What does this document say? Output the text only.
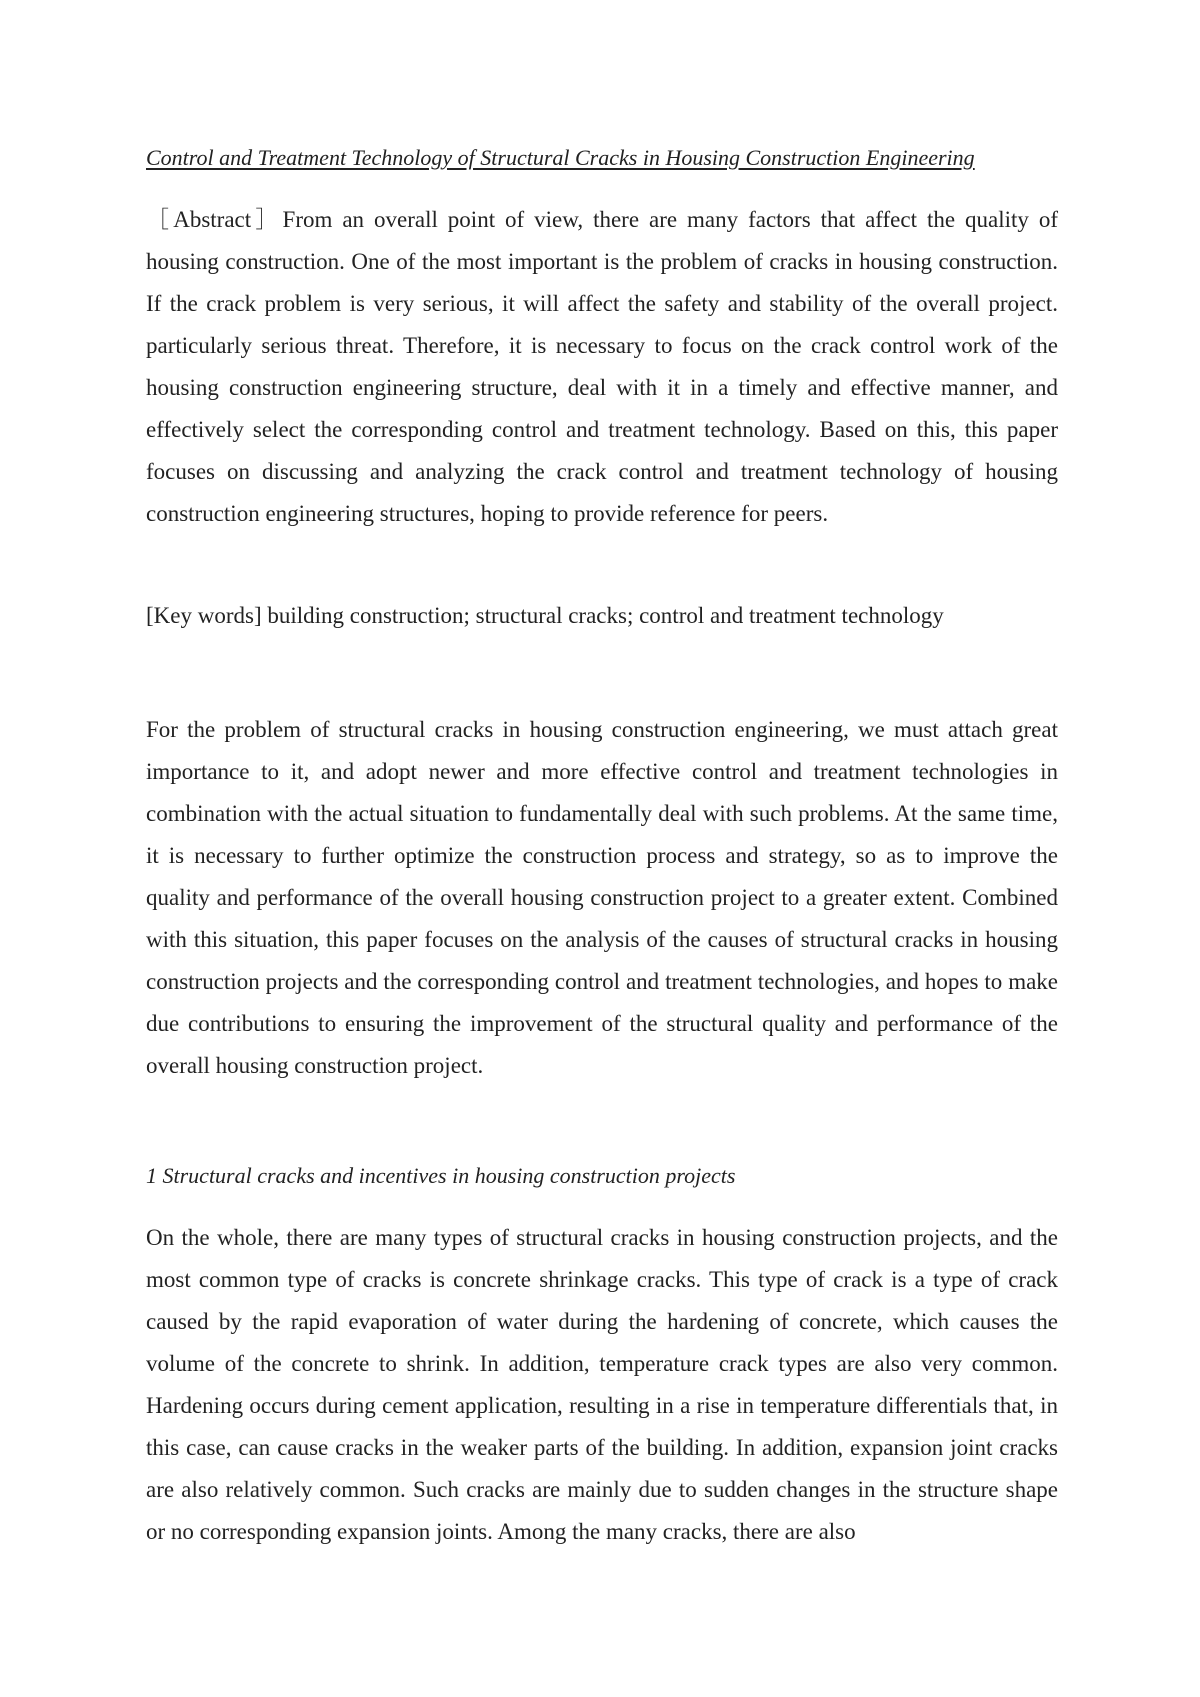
Control and Treatment Technology of Structural Cracks in Housing Construction Engineering

［Abstract］From an overall point of view, there are many factors that affect the quality of housing construction. One of the most important is the problem of cracks in housing construction. If the crack problem is very serious, it will affect the safety and stability of the overall project. particularly serious threat. Therefore, it is necessary to focus on the crack control work of the housing construction engineering structure, deal with it in a timely and effective manner, and effectively select the corresponding control and treatment technology. Based on this, this paper focuses on discussing and analyzing the crack control and treatment technology of housing construction engineering structures, hoping to provide reference for peers.

[Key words] building construction; structural cracks; control and treatment technology

For the problem of structural cracks in housing construction engineering, we must attach great importance to it, and adopt newer and more effective control and treatment technologies in combination with the actual situation to fundamentally deal with such problems. At the same time, it is necessary to further optimize the construction process and strategy, so as to improve the quality and performance of the overall housing construction project to a greater extent. Combined with this situation, this paper focuses on the analysis of the causes of structural cracks in housing construction projects and the corresponding control and treatment technologies, and hopes to make due contributions to ensuring the improvement of the structural quality and performance of the overall housing construction project.

1 Structural cracks and incentives in housing construction projects

On the whole, there are many types of structural cracks in housing construction projects, and the most common type of cracks is concrete shrinkage cracks. This type of crack is a type of crack caused by the rapid evaporation of water during the hardening of concrete, which causes the volume of the concrete to shrink. In addition, temperature crack types are also very common. Hardening occurs during cement application, resulting in a rise in temperature differentials that, in this case, can cause cracks in the weaker parts of the building. In addition, expansion joint cracks are also relatively common. Such cracks are mainly due to sudden changes in the structure shape or no corresponding expansion joints. Among the many cracks, there are also
